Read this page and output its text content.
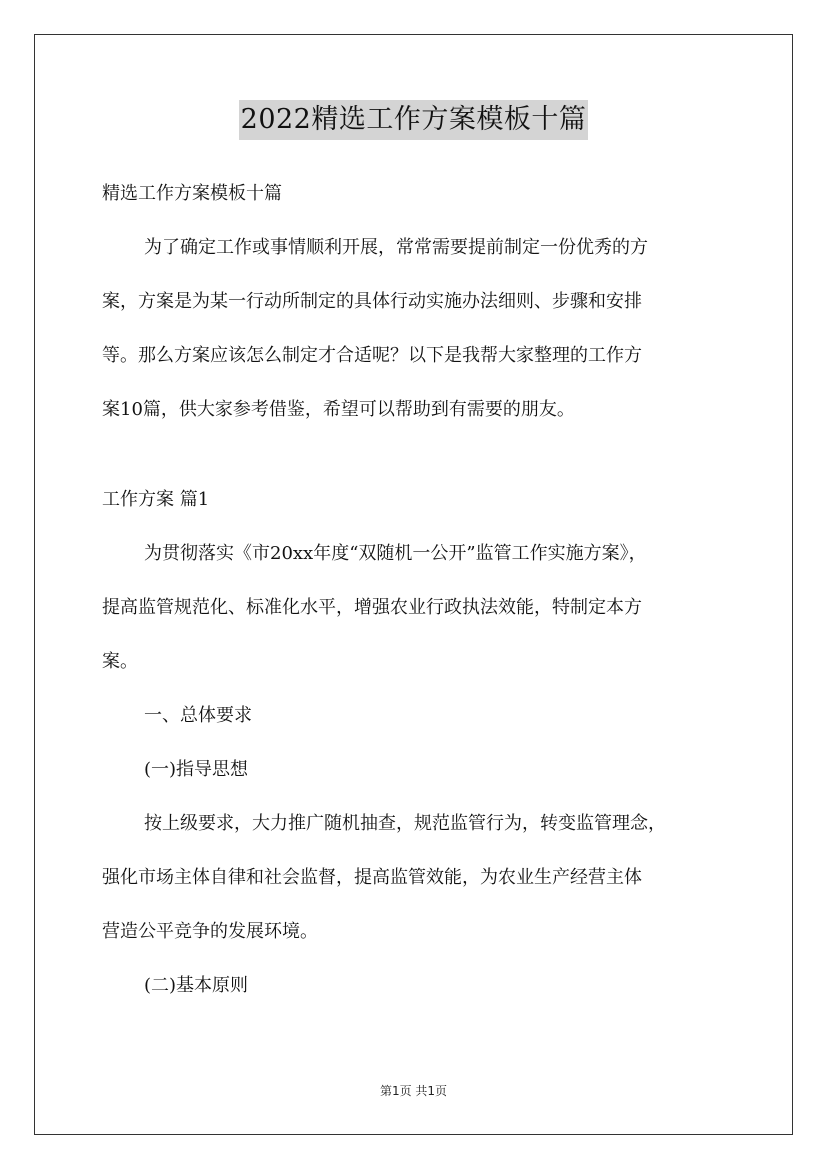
2022精选工作方案模板十篇
精选工作方案模板十篇
为了确定工作或事情顺利开展，常常需要提前制定一份优秀的方
案，方案是为某一行动所制定的具体行动实施办法细则、步骤和安排
等。那么方案应该怎么制定才合适呢？以下是我帮大家整理的工作方
案10篇，供大家参考借鉴，希望可以帮助到有需要的朋友。
工作方案 篇1
为贯彻落实《市20xx年度“双随机一公开”监管工作实施方案》，
提高监管规范化、标准化水平，增强农业行政执法效能，特制定本方
案。
一、总体要求
(一)指导思想
按上级要求，大力推广随机抽查，规范监管行为，转变监管理念，
强化市场主体自律和社会监督，提高监管效能，为农业生产经营主体
营造公平竞争的发展环境。
(二)基本原则
第1页 共1页
